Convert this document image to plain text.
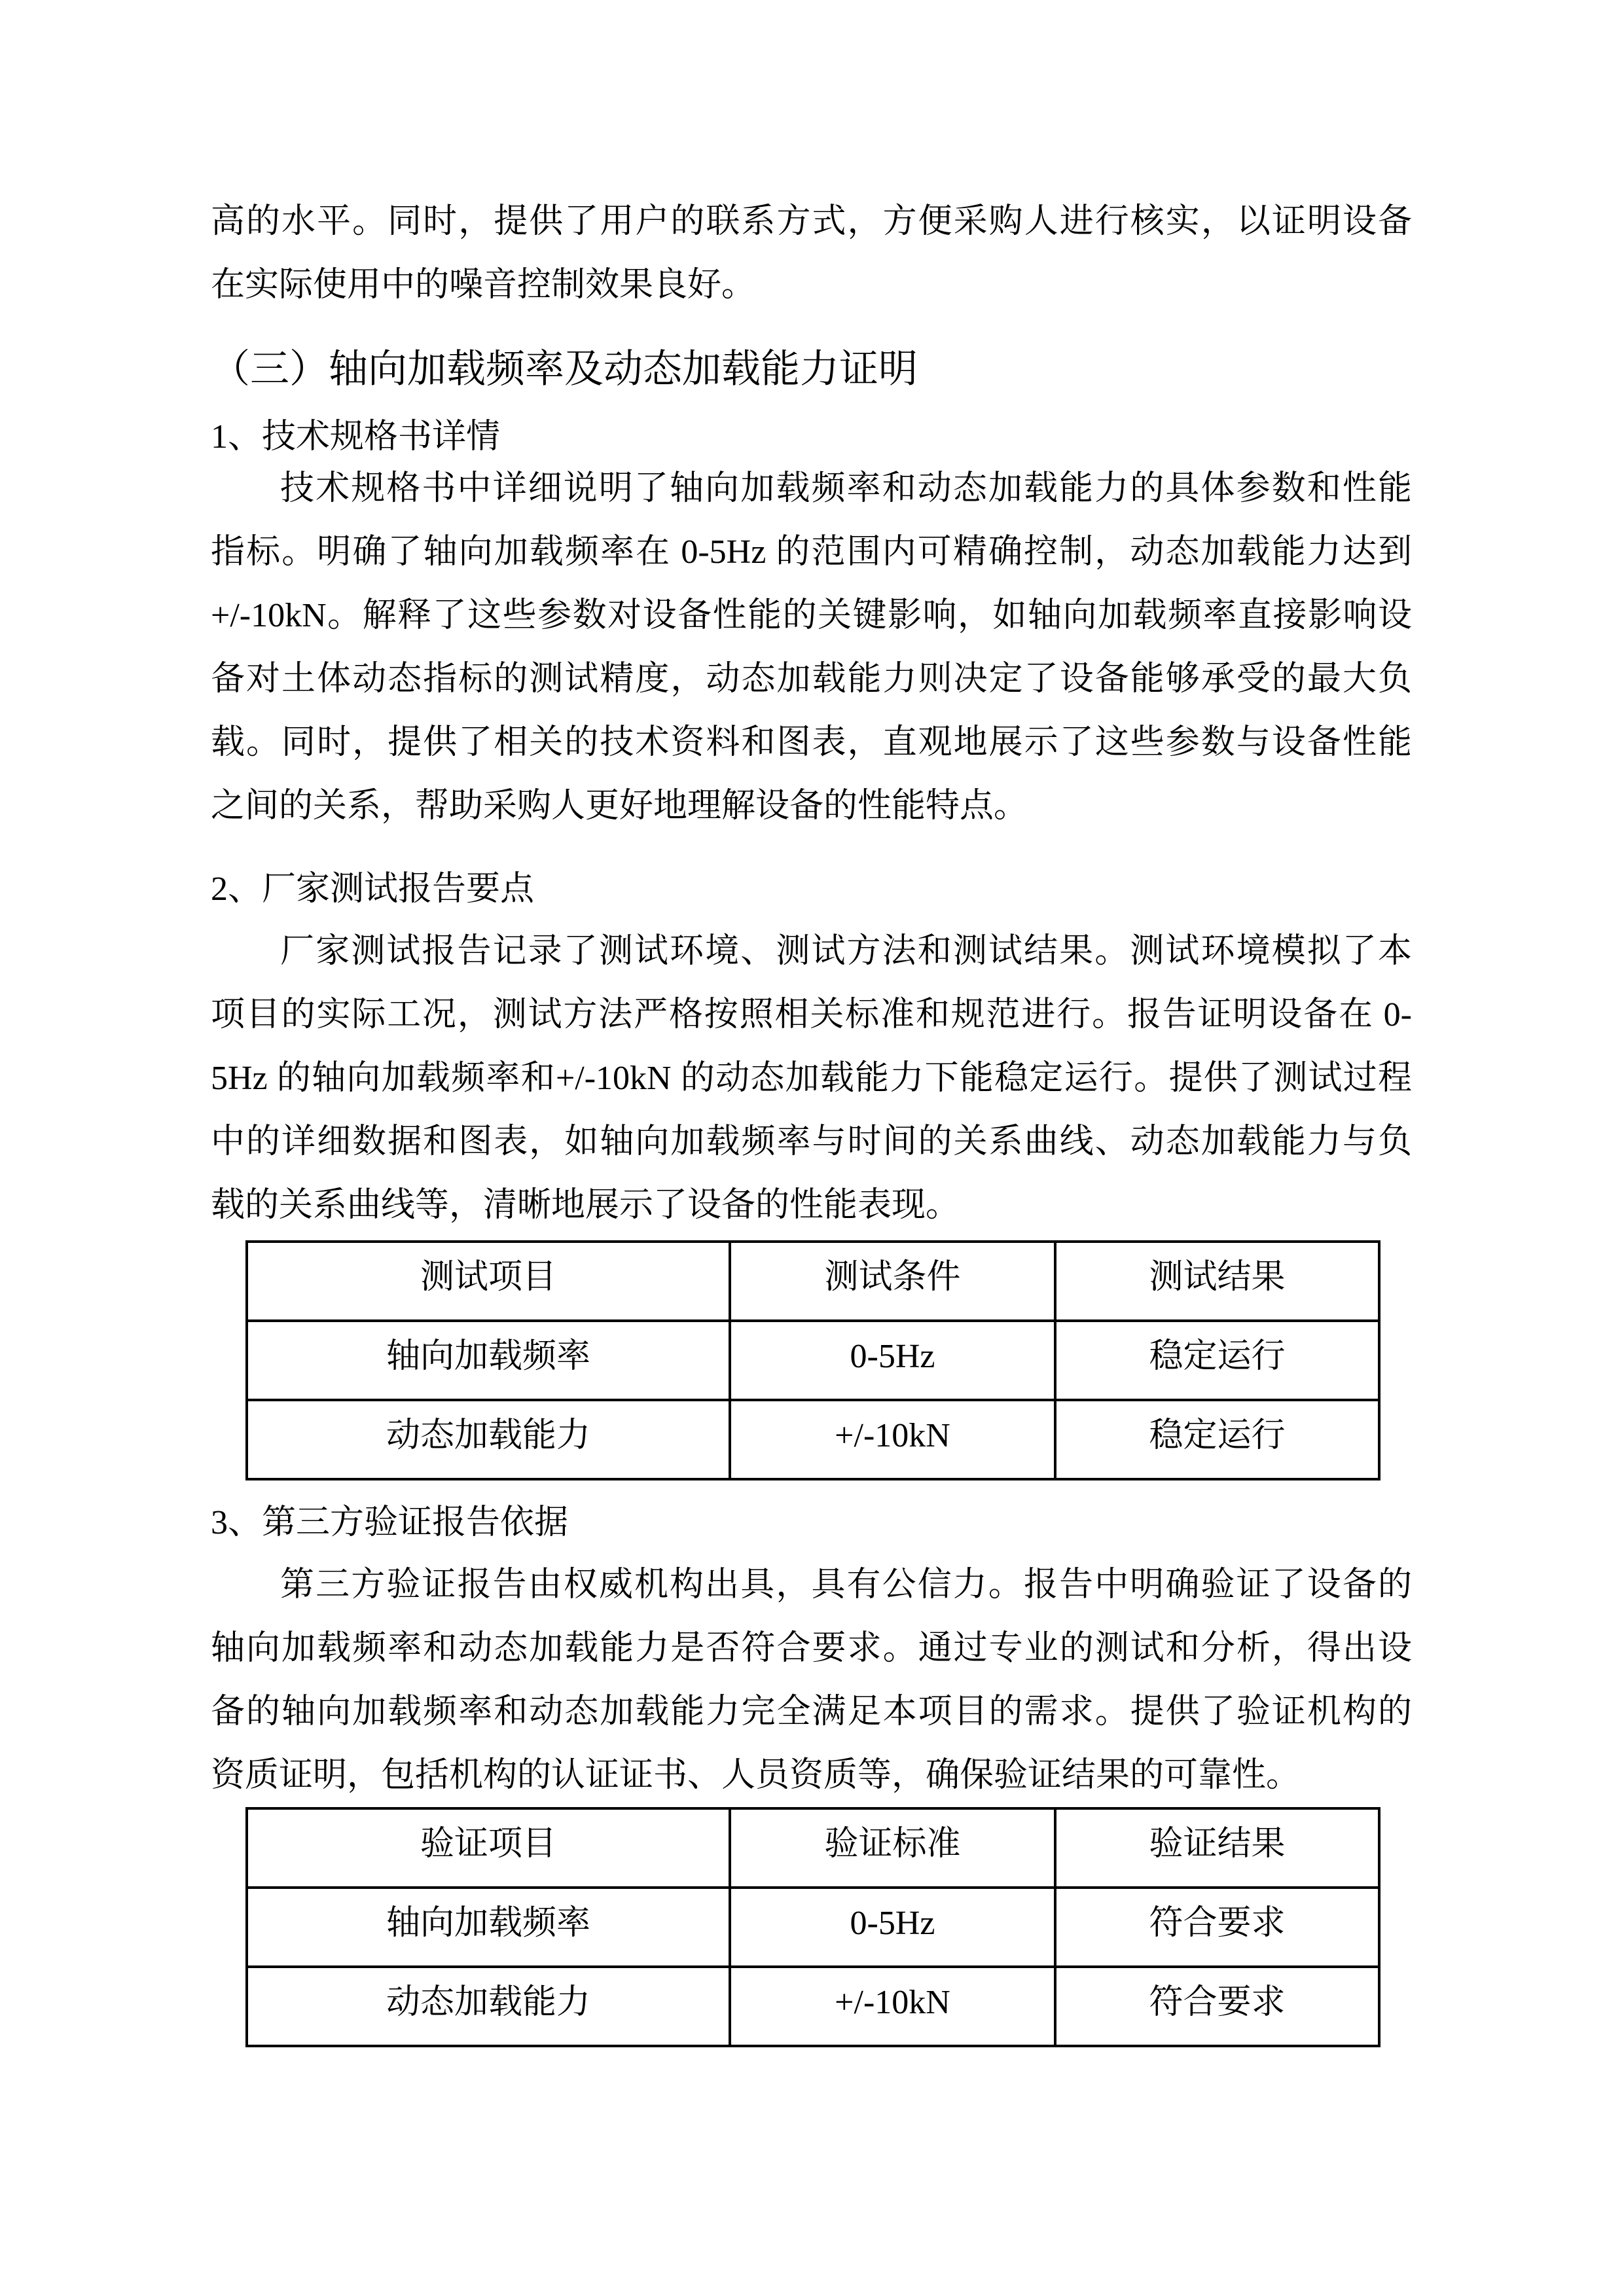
高的水平。同时，提供了用户的联系方式，方便采购人进行核实，以证明设备
在实际使用中的噪音控制效果良好。
（三）轴向加载频率及动态加载能力证明
1、技术规格书详情
技术规格书中详细说明了轴向加载频率和动态加载能力的具体参数和性能
指标。明确了轴向加载频率在 0-5Hz 的范围内可精确控制，动态加载能力达到
+/-10kN。解释了这些参数对设备性能的关键影响，如轴向加载频率直接影响设
备对土体动态指标的测试精度，动态加载能力则决定了设备能够承受的最大负
载。同时，提供了相关的技术资料和图表，直观地展示了这些参数与设备性能
之间的关系，帮助采购人更好地理解设备的性能特点。
2、厂家测试报告要点
厂家测试报告记录了测试环境、测试方法和测试结果。测试环境模拟了本
项目的实际工况，测试方法严格按照相关标准和规范进行。报告证明设备在 0-
5Hz 的轴向加载频率和+/-10kN 的动态加载能力下能稳定运行。提供了测试过程
中的详细数据和图表，如轴向加载频率与时间的关系曲线、动态加载能力与负
载的关系曲线等，清晰地展示了设备的性能表现。
测试项目	测试条件	测试结果
轴向加载频率	0-5Hz	稳定运行
动态加载能力	+/-10kN	稳定运行
3、第三方验证报告依据
第三方验证报告由权威机构出具，具有公信力。报告中明确验证了设备的
轴向加载频率和动态加载能力是否符合要求。通过专业的测试和分析，得出设
备的轴向加载频率和动态加载能力完全满足本项目的需求。提供了验证机构的
资质证明，包括机构的认证证书、人员资质等，确保验证结果的可靠性。
验证项目	验证标准	验证结果
轴向加载频率	0-5Hz	符合要求
动态加载能力	+/-10kN	符合要求
